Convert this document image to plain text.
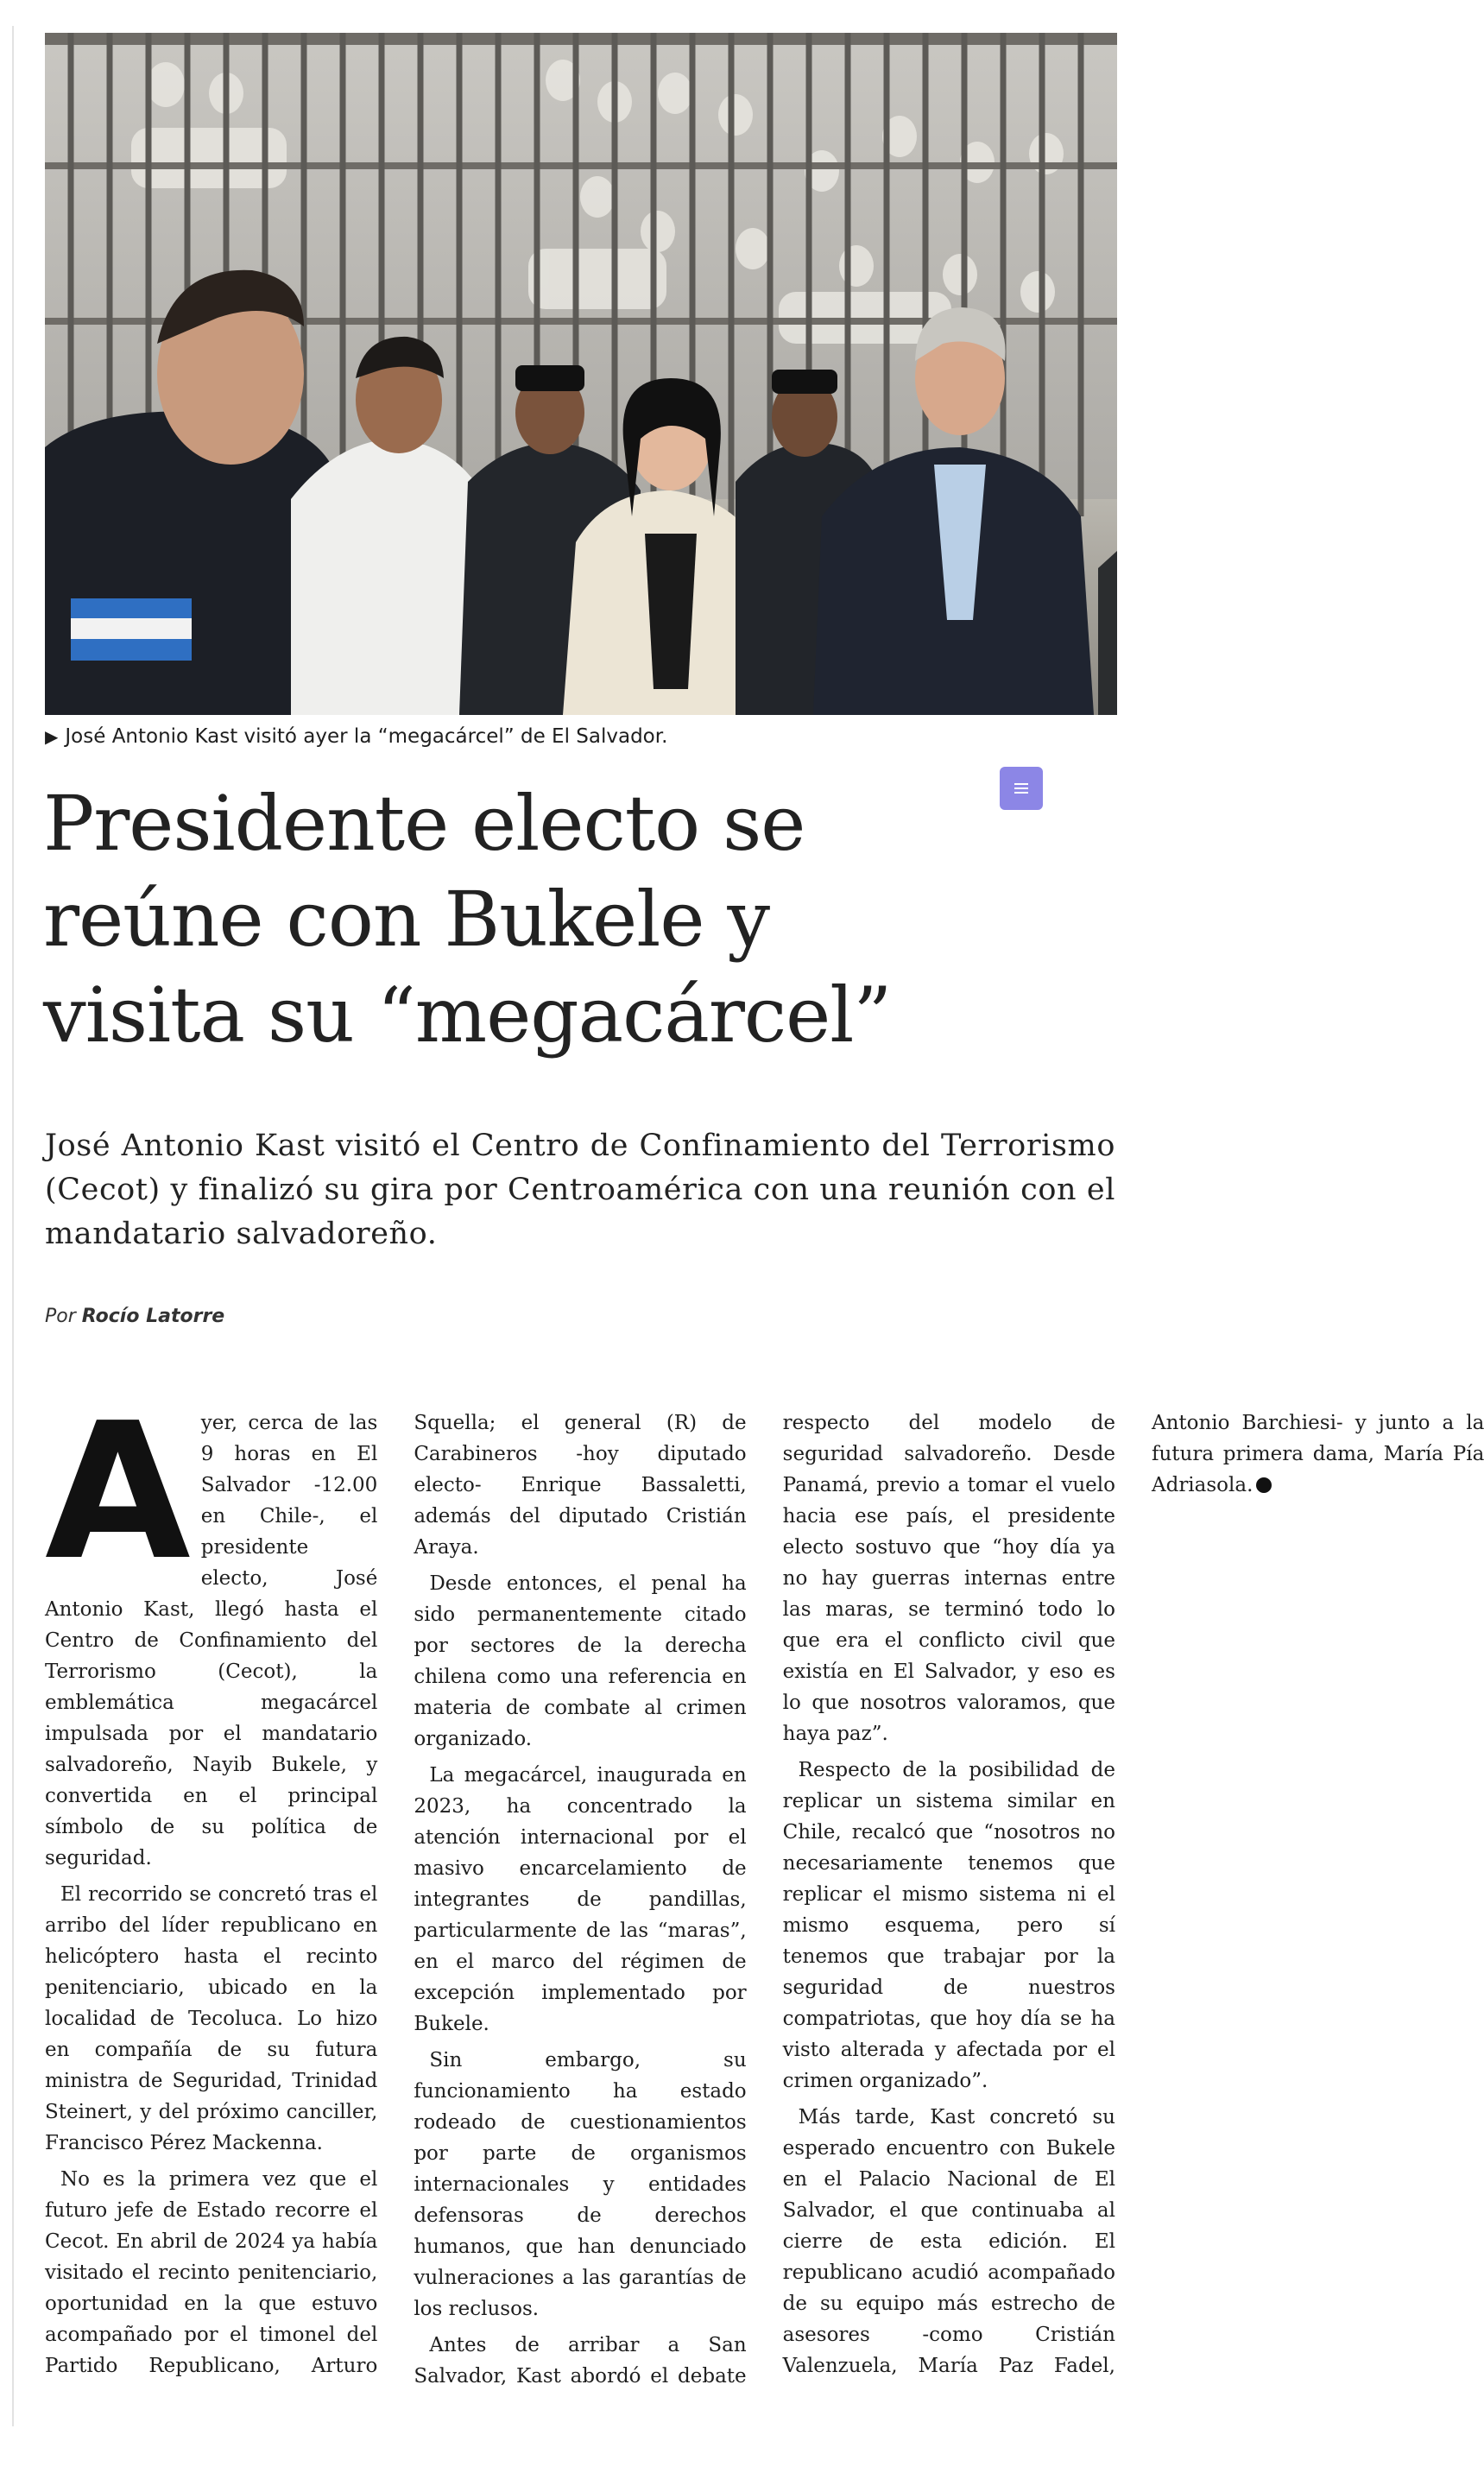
▶ José Antonio Kast visitó ayer la “megacárcel” de El Salvador.
Presidente electo se
reúne con Bukele y
visita su “megacárcel”

José Antonio Kast visitó el Centro de Confinamiento del Terrorismo (Cecot) y finalizó su gira por Centroamérica con una reunión con el mandatario salvadoreño.

Por Rocío Latorre

Ayer, cerca de las 9 horas en El Salvador -12.00 en Chile-, el presidente electo, José Antonio Kast, llegó hasta el Centro de Confinamiento del Terrorismo (Cecot), la emblemática megacárcel impulsada por el mandatario salvadoreño, Nayib Bukele, y convertida en el principal símbolo de su política de seguridad.

El recorrido se concretó tras el arribo del líder republicano en helicóptero hasta el recinto penitenciario, ubicado en la localidad de Tecoluca. Lo hizo en compañía de su futura ministra de Seguridad, Trinidad Steinert, y del próximo canciller, Francisco Pérez Mackenna.

No es la primera vez que el futuro jefe de Estado recorre el Cecot. En abril de 2024 ya había visitado el recinto penitenciario, oportunidad en la que estuvo acompañado por el timonel del Partido Republicano, Arturo Squella; el general (R) de Carabineros -hoy diputado electo- Enrique Bassaletti, además del diputado Cristián Araya.

Desde entonces, el penal ha sido permanentemente citado por sectores de la derecha chilena como una referencia en materia de combate al crimen organizado.

La megacárcel, inaugurada en 2023, ha concentrado la atención internacional por el masivo encarcelamiento de integrantes de pandillas, particularmente de las “maras”, en el marco del régimen de excepción implementado por Bukele.

Sin embargo, su funcionamiento ha estado rodeado de cuestionamientos por parte de organismos internacionales y entidades defensoras de derechos humanos, que han denunciado vulneraciones a las garantías de los reclusos.

Antes de arribar a San Salvador, Kast abordó el debate respecto del modelo de seguridad salvadoreño. Desde Panamá, previo a tomar el vuelo hacia ese país, el presidente electo sostuvo que “hoy día ya no hay guerras internas entre las maras, se terminó todo lo que era el conflicto civil que existía en El Salvador, y eso es lo que nosotros valoramos, que haya paz”.

Respecto de la posibilidad de replicar un sistema similar en Chile, recalcó que “nosotros no necesariamente tenemos que replicar el mismo sistema ni el mismo esquema, pero sí tenemos que trabajar por la seguridad de nuestros compatriotas, que hoy día se ha visto alterada y afectada por el crimen organizado”.

Más tarde, Kast concretó su esperado encuentro con Bukele en el Palacio Nacional de El Salvador, el que continuaba al cierre de esta edición. El republicano acudió acompañado de su equipo más estrecho de asesores -como Cristián Valenzuela, María Paz Fadel, Antonio Barchiesi- y junto a la futura primera dama, María Pía Adriasola.
